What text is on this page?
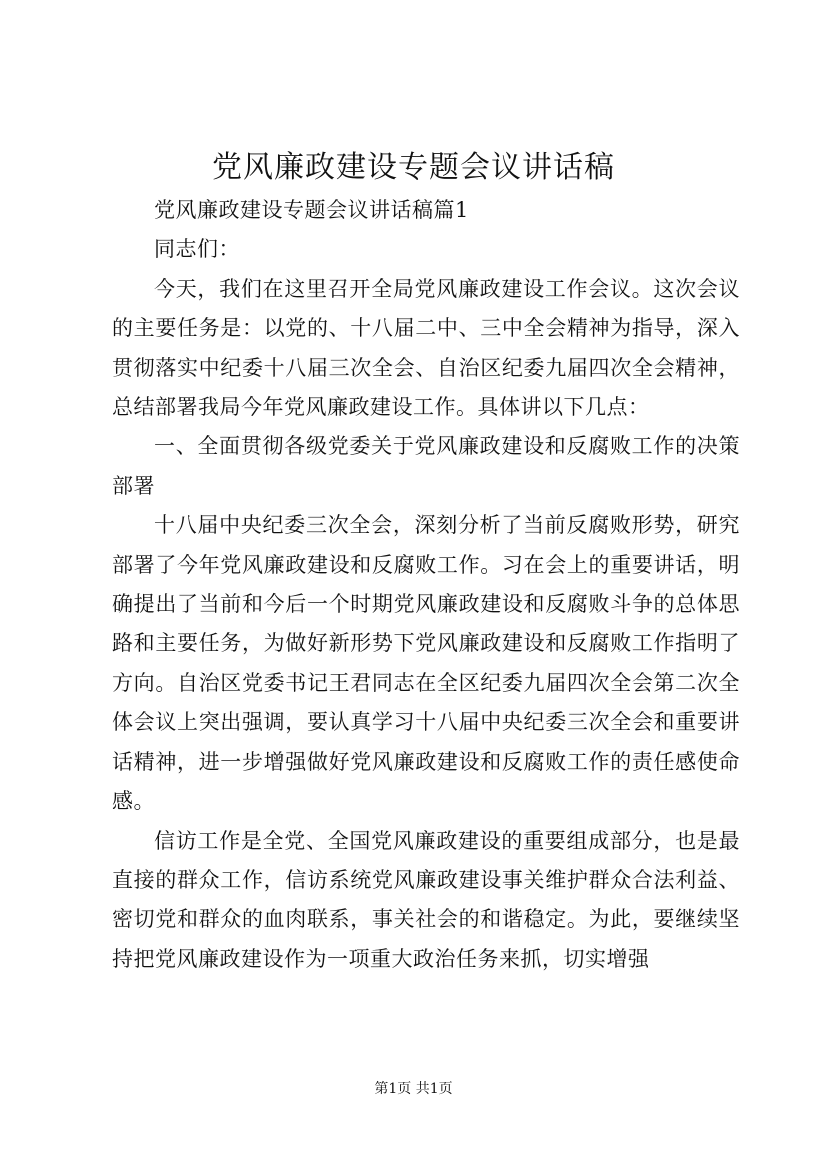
党风廉政建设专题会议讲话稿

党风廉政建设专题会议讲话稿篇1

同志们：

今天，我们在这里召开全局党风廉政建设工作会议。这次会议的主要任务是：以党的、十八届二中、三中全会精神为指导，深入贯彻落实中纪委十八届三次全会、自治区纪委九届四次全会精神，总结部署我局今年党风廉政建设工作。具体讲以下几点：

一、全面贯彻各级党委关于党风廉政建设和反腐败工作的决策部署

十八届中央纪委三次全会，深刻分析了当前反腐败形势，研究部署了今年党风廉政建设和反腐败工作。习在会上的重要讲话，明确提出了当前和今后一个时期党风廉政建设和反腐败斗争的总体思路和主要任务，为做好新形势下党风廉政建设和反腐败工作指明了方向。自治区党委书记王君同志在全区纪委九届四次全会第二次全体会议上突出强调，要认真学习十八届中央纪委三次全会和重要讲话精神，进一步增强做好党风廉政建设和反腐败工作的责任感使命感。

信访工作是全党、全国党风廉政建设的重要组成部分，也是最直接的群众工作，信访系统党风廉政建设事关维护群众合法利益、密切党和群众的血肉联系，事关社会的和谐稳定。为此，要继续坚持把党风廉政建设作为一项重大政治任务来抓，切实增强

第1页 共1页
